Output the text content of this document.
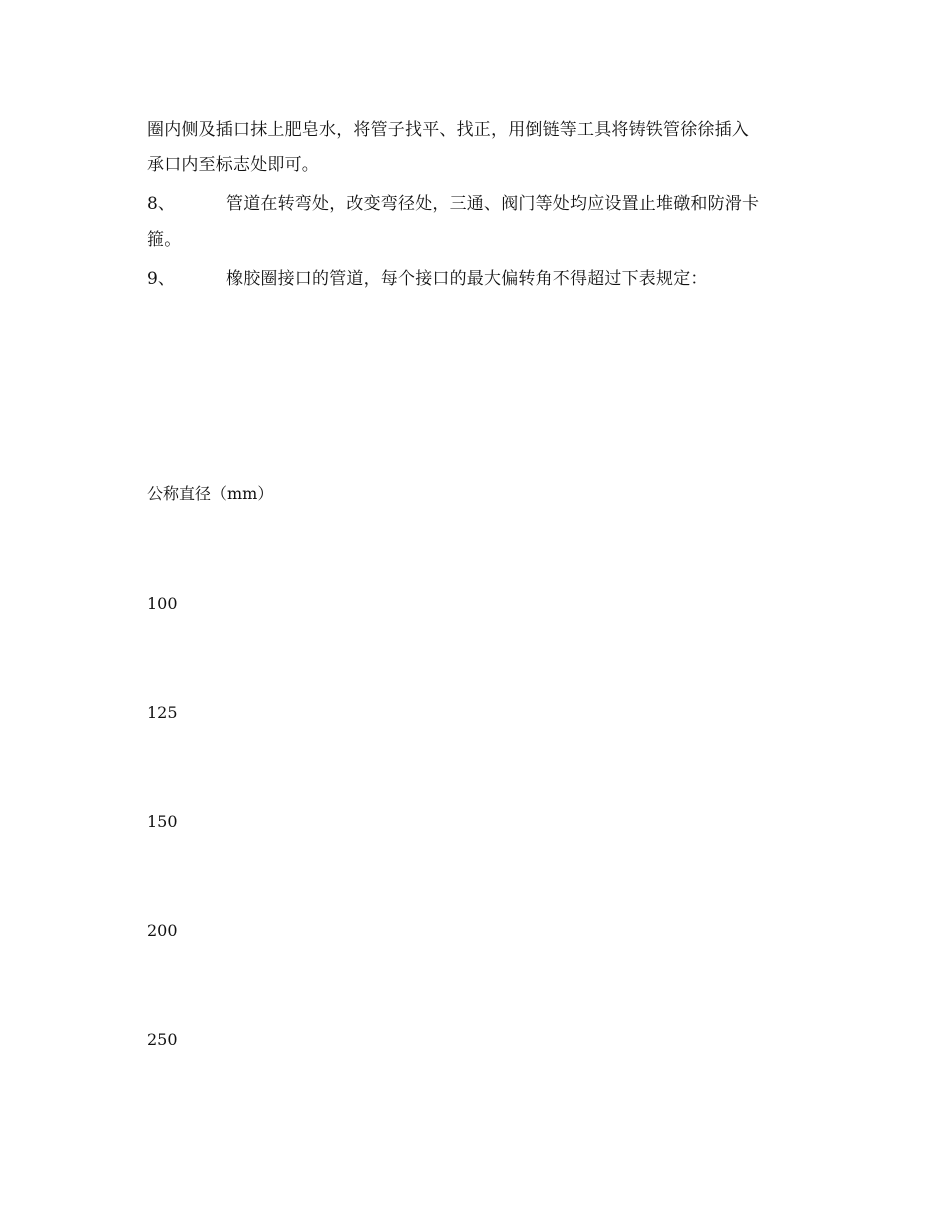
圈内侧及插口抹上肥皂水，将管子找平、找正，用倒链等工具将铸铁管徐徐插入
承口内至标志处即可。
8、	管道在转弯处，改变弯径处，三通、阀门等处均应设置止堆礅和防滑卡
箍。
9、	橡胶圈接口的管道，每个接口的最大偏转角不得超过下表规定：
公称直径（mm）
100
125
150
200
250
